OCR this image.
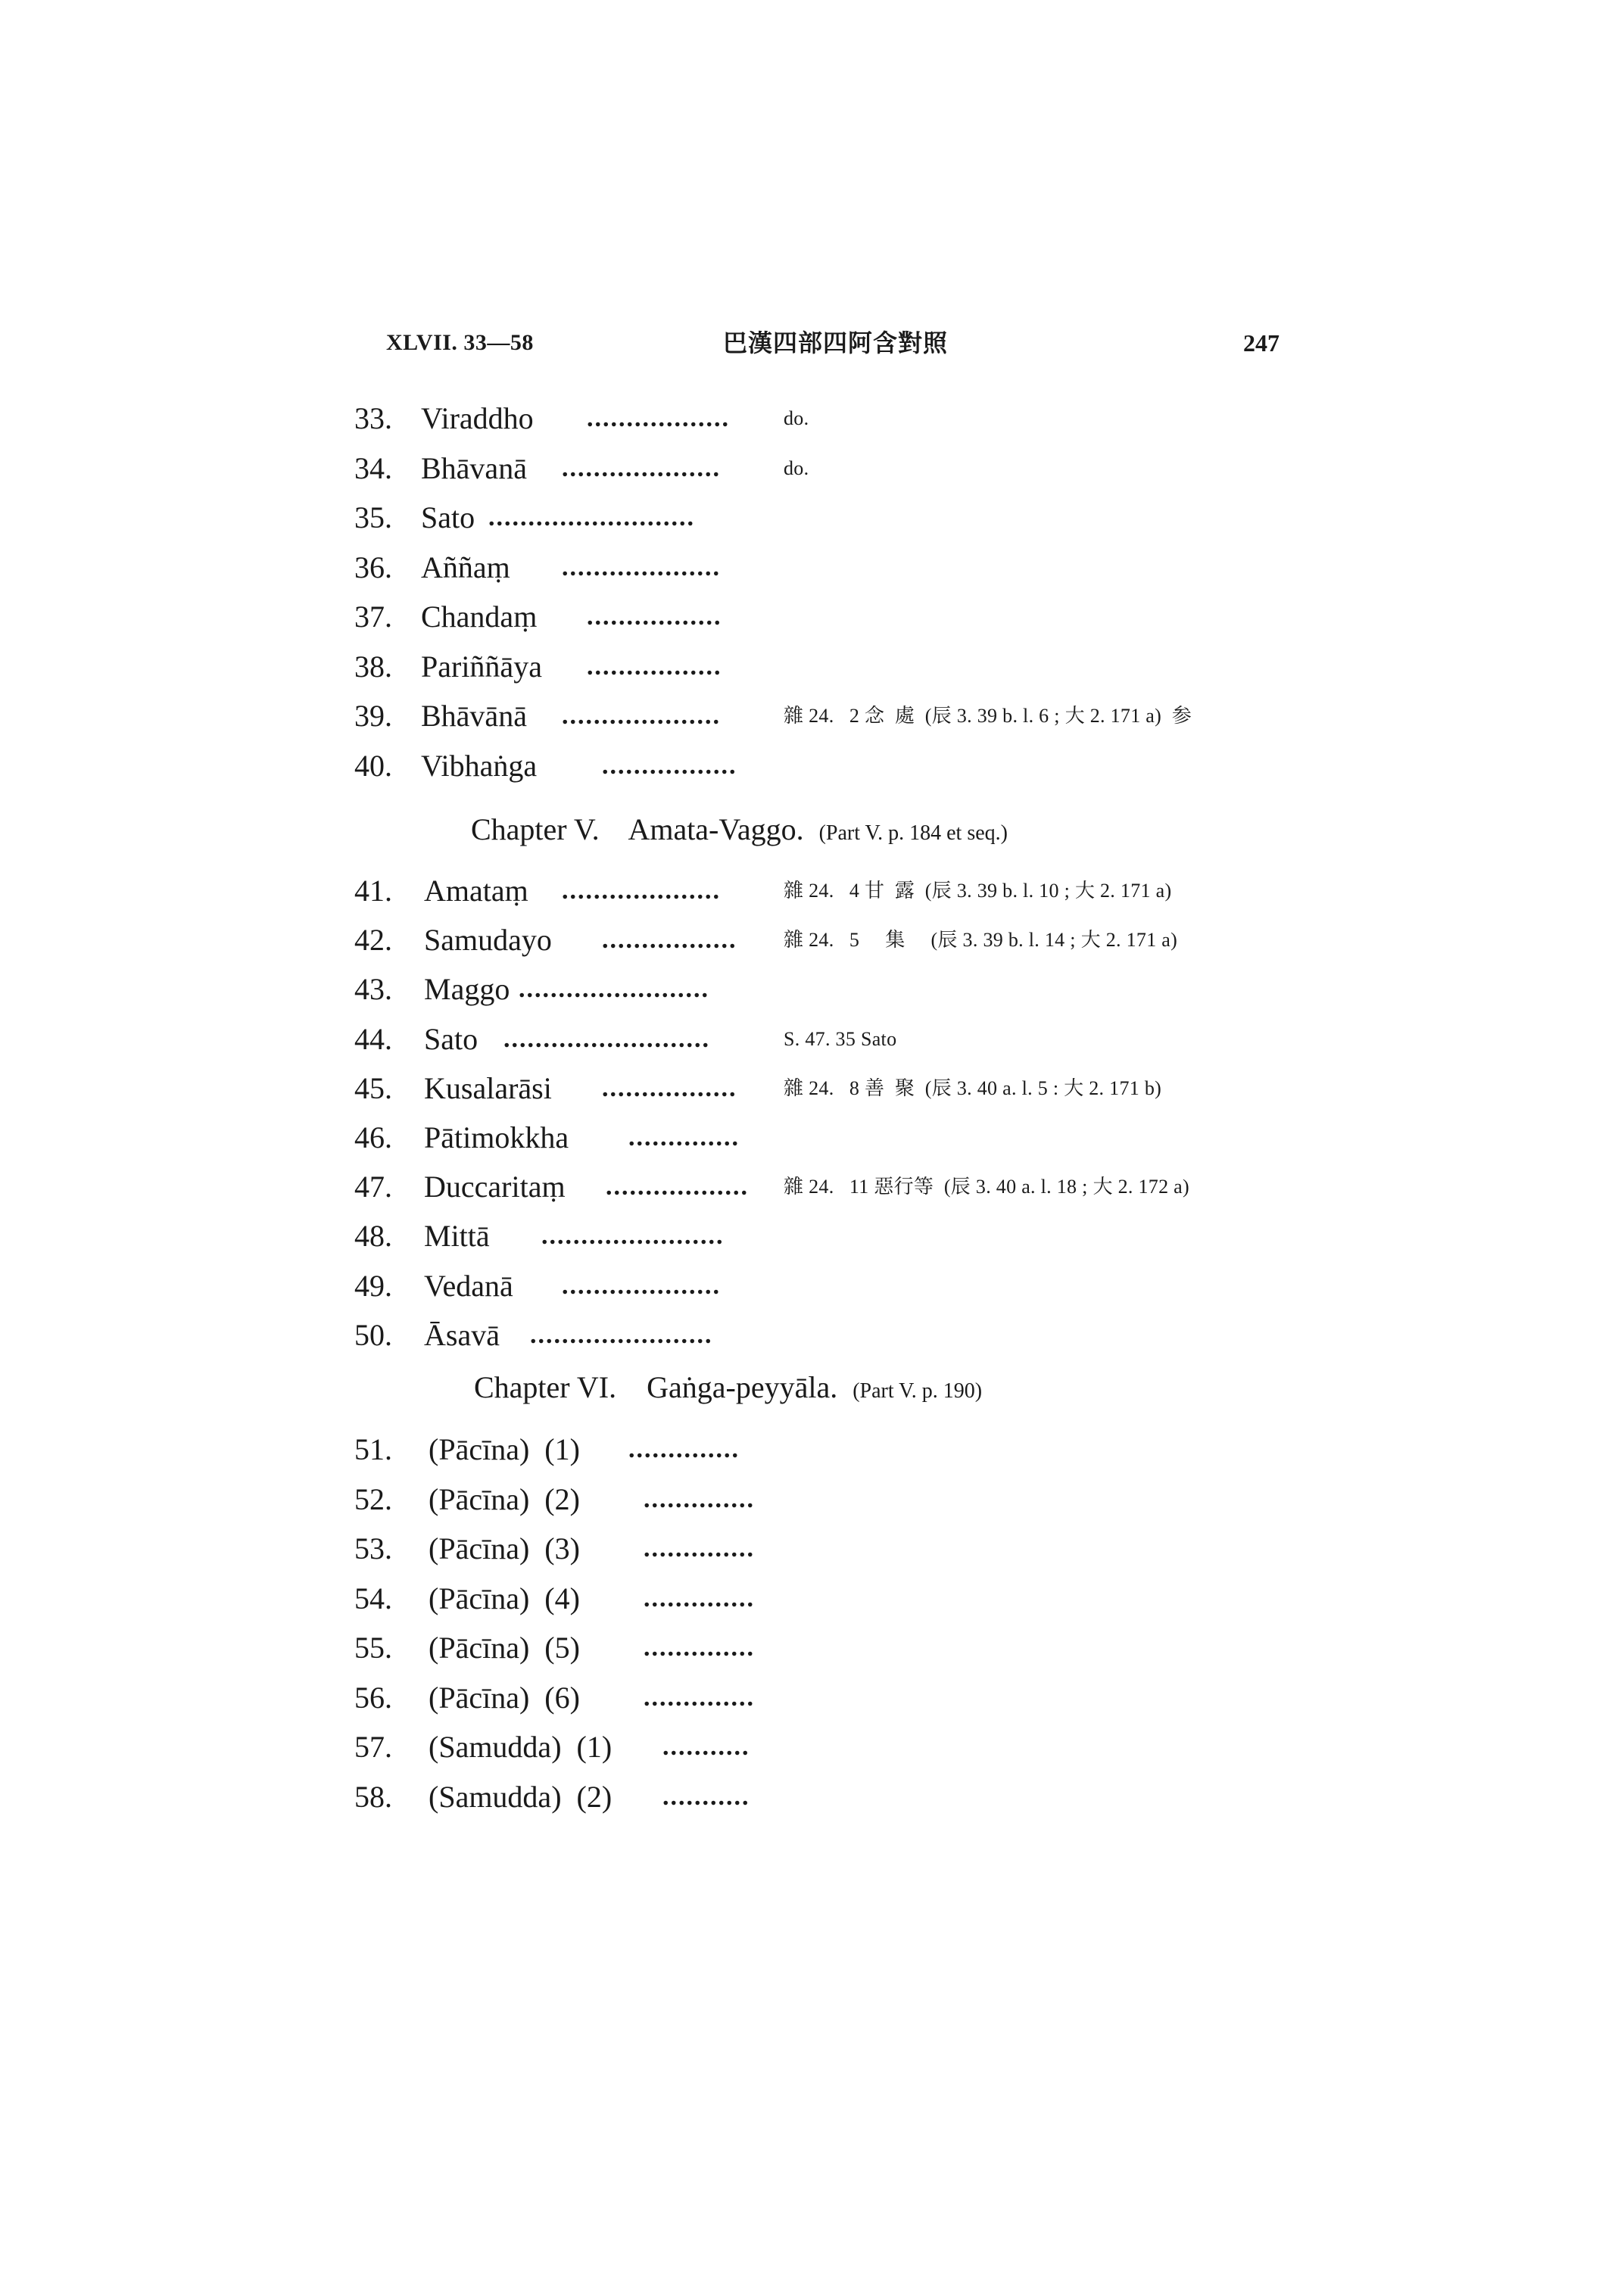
XLVII. 33—58	巴漢四部四阿含對照	247
33. Viraddho ..................	do.
34. Bhāvanā ....................	do.
35. Sato ..........................
36. Aññaṃ ....................
37. Chandaṃ .................
38. Pariññāya .................
39. Bhāvānā ....................	雜 24.   2 念  處  (辰 3. 39 b. l. 6 ; 大 2. 171 a)  参
40. Vibhaṅga	.................
Chapter V. Amata-Vaggo. (Part V. p. 184 et seq.)
41. Amataṃ ....................	雜 24.   4 甘  露  (辰 3. 39 b. l. 10 ; 大 2. 171 a)
42. Samudayo ................. 雜 24.   5     集     (辰 3. 39 b. l. 14 ; 大 2. 171 a)
43. Maggo ........................
44. Sato ..........................	S. 47. 35 Sato
45. Kusalarāsi ................. 雜 24.   8 善  聚  (辰 3. 40 a. l. 5 : 大 2. 171 b)
46. Pātimokkha ..............
47. Duccaritaṃ .................. 雜 24.   11 惡行等  (辰 3. 40 a. l. 18 ; 大 2. 172 a)
48. Mittā .......................
49. Vedanā ....................
50. Āsavā .......................
Chapter VI. Gaṅga-peyyāla. (Part V. p. 190)
51. (Pācīna)  (1) ..............
52. (Pācīna)  (2) ..............
53. (Pācīna)  (3) ..............
54. (Pācīna)  (4) ..............
55. (Pācīna)  (5) ..............
56. (Pācīna)  (6) ..............
57. (Samudda)  (1) ...........
58. (Samudda)  (2) ...........
